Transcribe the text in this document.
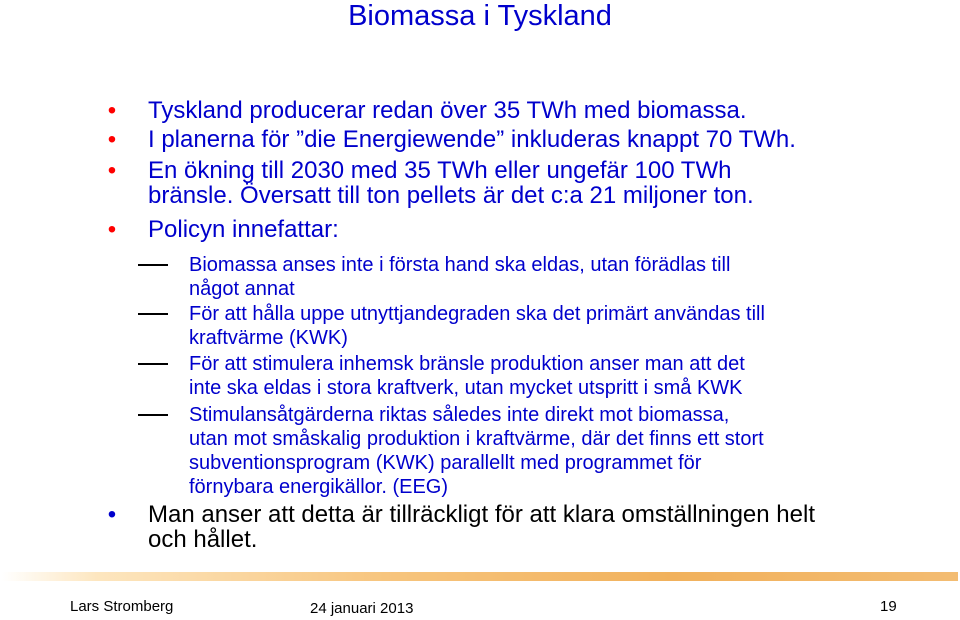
Biomassa i Tyskland
• Tyskland producerar redan över 35 TWh med biomassa.
• I planerna för ”die Energiewende” inkluderas knappt 70 TWh.
• En ökning till 2030 med 35 TWh eller ungefär 100 TWh
bränsle. Översatt till ton pellets är det c:a 21 miljoner ton.
• Policyn innefattar:
Biomassa anses inte i första hand ska eldas, utan förädlas till
något annat
För att hålla uppe utnyttjandegraden ska det primärt användas till
kraftvärme (KWK)
För att stimulera inhemsk bränsle produktion anser man att det
inte ska eldas i stora kraftverk, utan mycket utspritt i små KWK
Stimulansåtgärderna riktas således inte direkt mot biomassa,
utan mot småskalig produktion i kraftvärme, där det finns ett stort
subventionsprogram (KWK) parallellt med programmet för
förnybara energikällor. (EEG)
• Man anser att detta är tillräckligt för att klara omställningen helt
och hållet.
Lars Stromberg	24 januari 2013	19
